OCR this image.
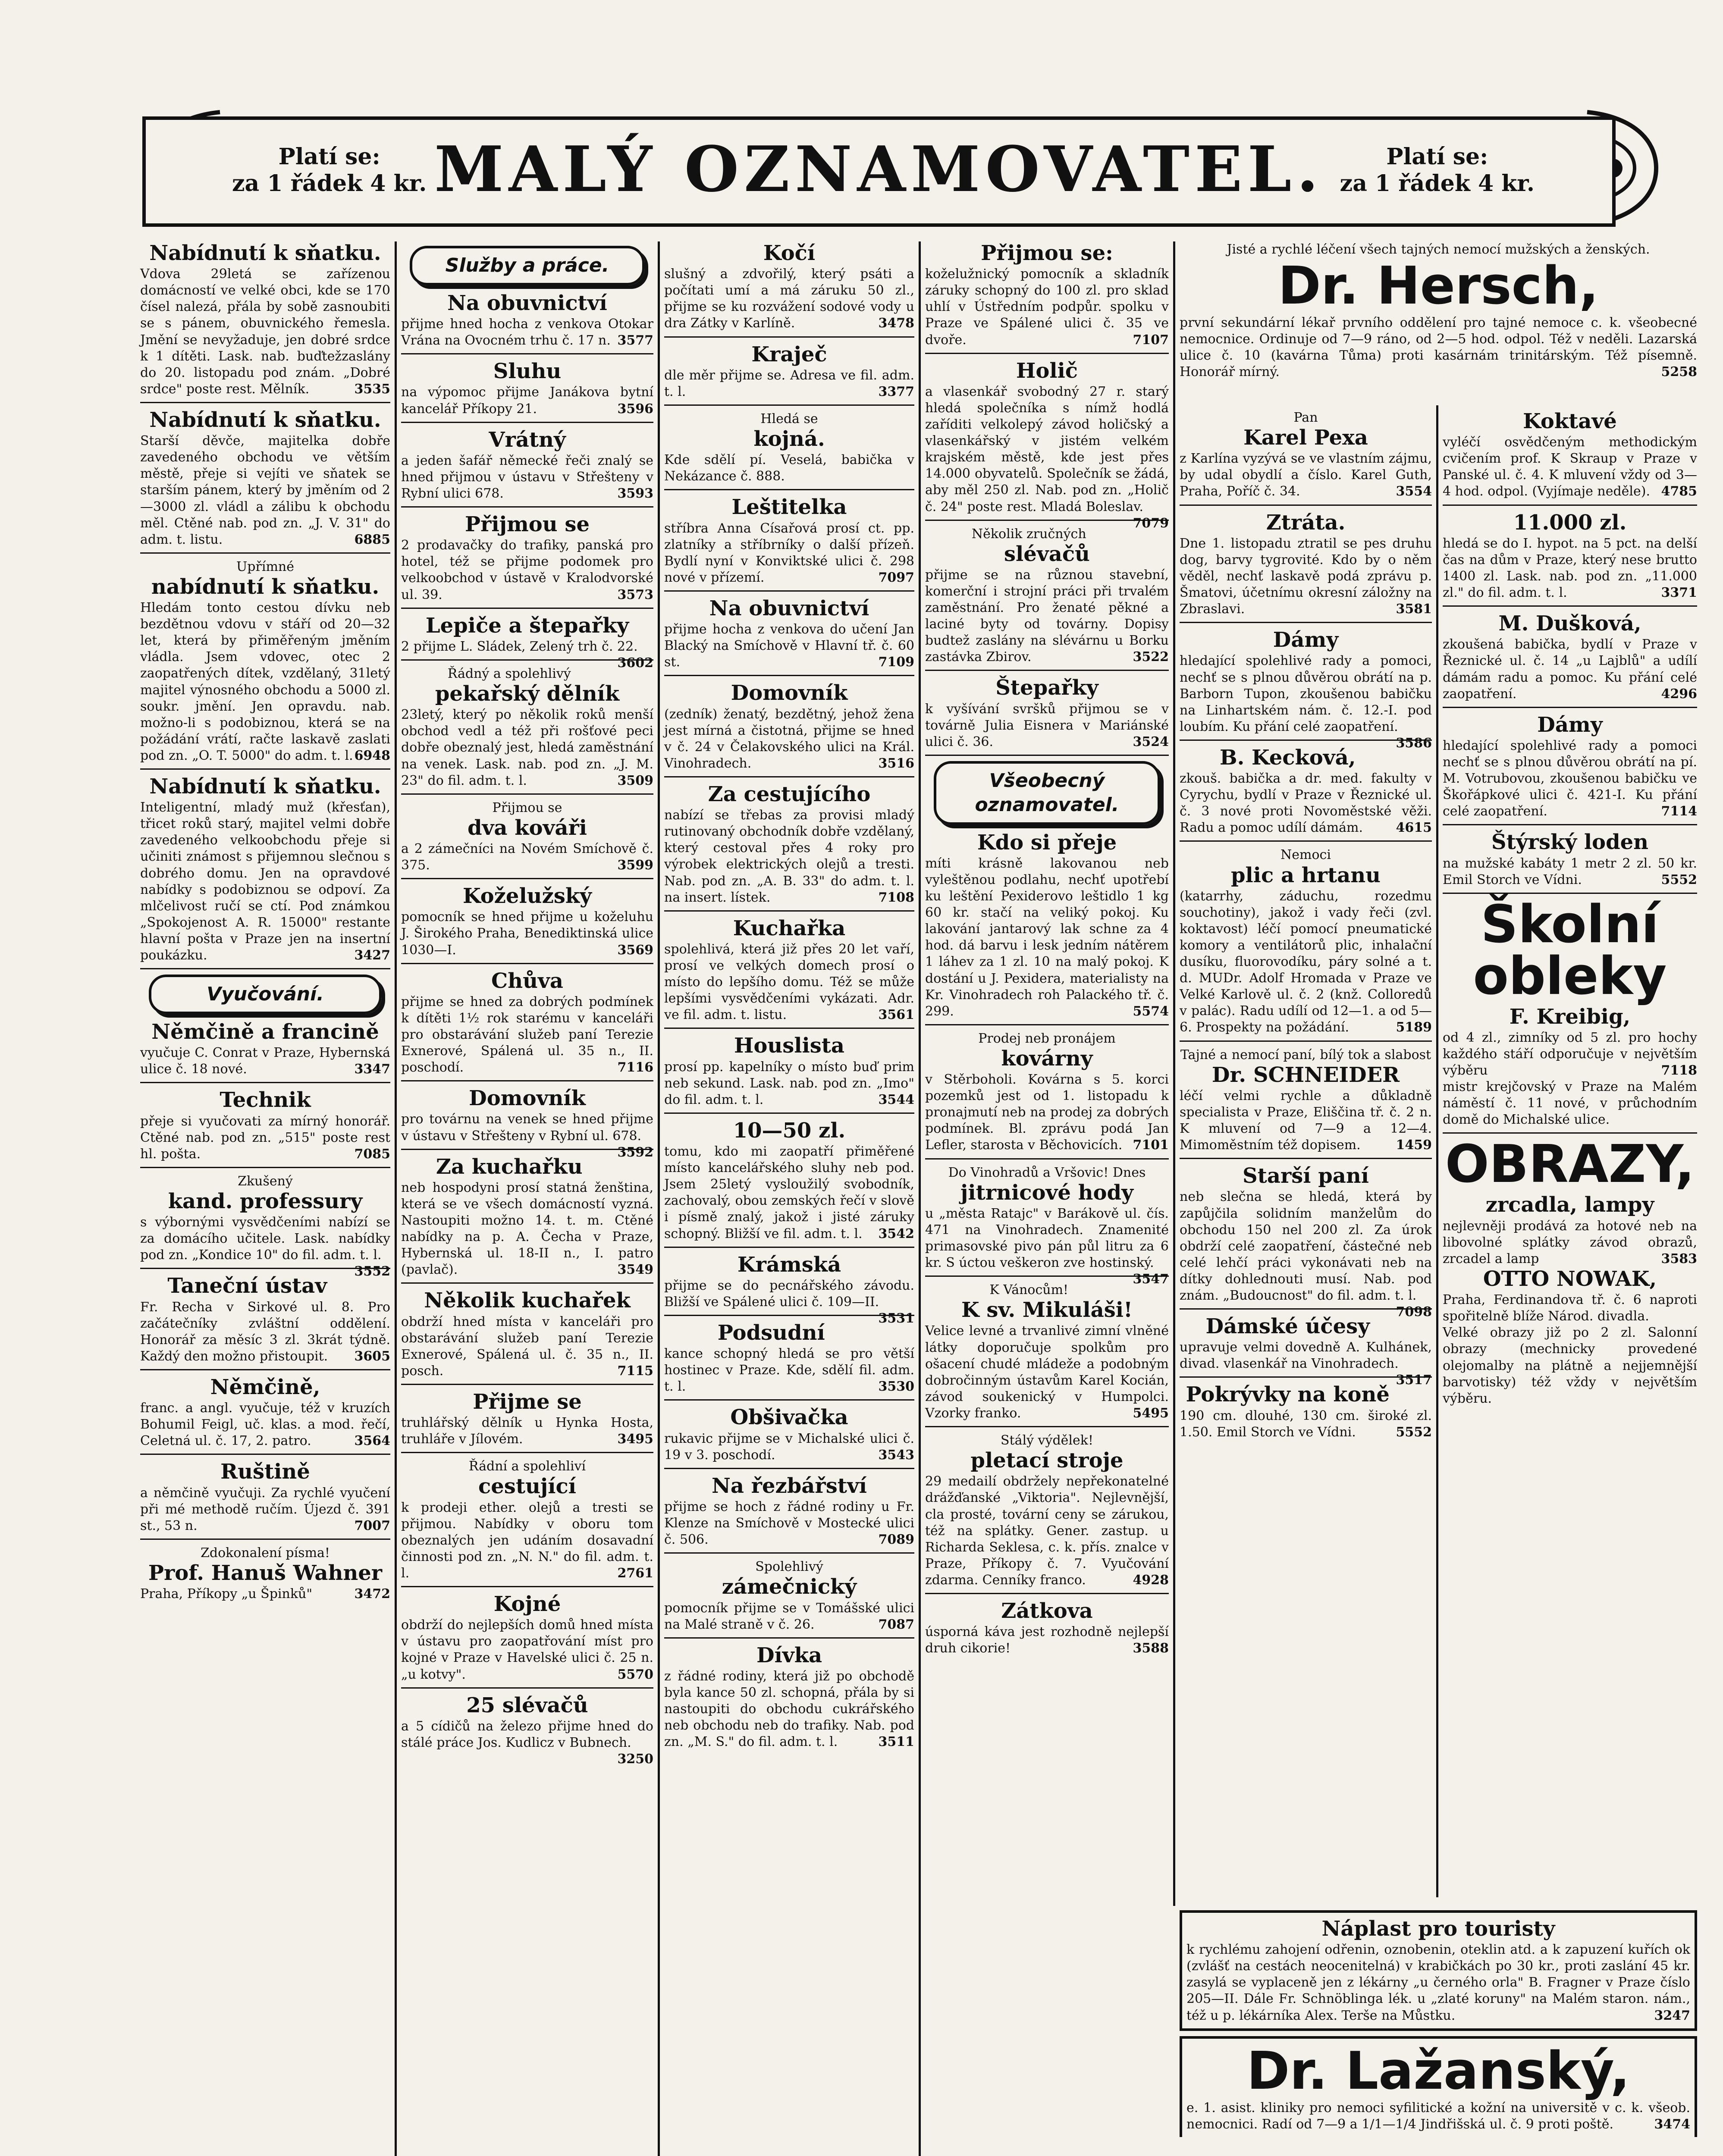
Platí se:
za 1 řádek 4 kr. MALÝ OZNAMOVATEL.	Platí se:
za 1 řádek 4 kr.

Nabídnutí k sňatku.

Vdova 29letá se zařízenou domácností ve velké obci, kde se 170 čísel nalezá, přála by sobě zasnoubiti se s pánem, obuvnického řemesla. Jmění se nevyžaduje, jen dobré srdce k 1 dítěti. Lask. nab. buďtežzaslány do 20. listopadu pod znám. „Dobré srdce" poste rest. Mělník.	3535

Nabídnutí k sňatku.

Starší děvče, majitelka dobře zavedeného obchodu ve větším městě, přeje si vejíti ve sňatek se starším pánem, který by jměním od 2—3000 zl. vládl a zálibu k obchodu měl. Ctěné nab. pod zn. „J. V. 31" do adm. t. listu.	6885

Upřímné

nabídnutí k sňatku.

Hledám tonto cestou dívku neb bezdětnou vdovu v stáří od 20—32 let, která by přiměřeným jměním vládla. Jsem vdovec, otec 2 zaopatřených dítek, vzdělaný, 31letý majitel výnosného obchodu a 5000 zl. soukr. jmění. Jen opravdu. nab. možno-li s podobiznou, která se na požádání vrátí, račte laskavě zaslati pod zn. „O. T. 5000" do adm. t. l. 6948

Nabídnutí k sňatku.

Inteligentní, mladý muž (křesťan), třicet roků starý, majitel velmi dobře zavedeného velkoobchodu přeje si učiniti známost s přijemnou slečnou s dobrého domu. Jen na opravdové nabídky s podobiznou se odpoví. Za mlčelivost ručí se ctí. Pod známkou „Spokojenost A. R. 15000" restante hlavní pošta v Praze jen na insertní poukázku.	3427

Vyučování.

Němčině a francině

vyučuje C. Conrat v Praze, Hybernská ulice č. 18 nové.	3347

Technik

přeje si vyučovati za mírný honorář. Ctěné nab. pod zn. „515" poste rest hl. pošta.	7085

Zkušený

kand. professury

s výbornými vysvědčeními nabízí se za domácího učitele. Lask. nabídky pod zn. „Kondice 10" do fil. adm. t. l.
3552

Taneční ústav

Fr. Recha v Sirkové ul. 8. Pro začátečníky zvláštní oddělení. Honorář za měsíc 3 zl. 3krát týdně. Každý den možno přistoupit. 3605

Němčině,

franc. a angl. vyučuje, též v kruzích Bohumil Feigl, uč. klas. a mod. řečí, Celetná ul. č. 17, 2. patro.	3564

Ruštině

a němčině vyučuji. Za rychlé vyučení při mé methodě ručím. Újezd č. 391 st., 53 n.	7007

Zdokonalení písma!

Prof. Hanuš Wahner

Praha, Příkopy „u Špinků"	3472

Služby a práce.

Na obuvnictví

přijme hned hocha z venkova Otokar Vrána na Ovocném trhu č. 17 n. 3577

Sluhu

na výpomoc přijme Janákova bytní kancelář Příkopy 21.	3596

Vrátný

a jeden šafář německé řeči znalý se hned přijmou v ústavu v Střešteny v Rybní ulici 678.	3593

Přijmou se

2 prodavačky do trafiky, panská pro hotel, též se přijme podomek pro velkoobchod v ústavě v Kralodvorské ul. 39.	3573

Lepiče a štepařky

2 přijme L. Sládek, Zelený trh č. 22.
3602

Řádný a spolehlivý

pekařský dělník

23letý, který po několik roků menší obchod vedl a též při rošťové peci dobře obeznalý jest, hledá zaměstnání na venek. Lask. nab. pod zn. „J. M. 23" do fil. adm. t. l.	3509

Přijmou se

dva kováři

a 2 zámečníci na Novém Smíchově č. 375.	3599

Koželužský

pomocník se hned přijme u koželuhu J. Širokého Praha, Benediktinská ulice 1030—I.	3569

Chůva

přijme se hned za dobrých podmínek k dítěti 1½ rok starému v kanceláři pro obstarávání služeb paní Terezie Exnerové, Spálená ul. 35 n., II. poschodí.	7116

Domovník

pro továrnu na venek se hned přijme v ústavu v Střešteny v Rybní ul. 678.
3592

Za kuchařku

neb hospodyni prosí statná ženština, která se ve všech domácností vyzná. Nastoupiti možno 14. t. m. Ctěné nabídky na p. A. Čecha v Praze, Hybernská ul. 18-II n., I. patro (pavlač).	3549

Několik kuchařek

obdrží hned místa v kanceláři pro obstarávání služeb paní Terezie Exnerové, Spálená ul. č. 35 n., II. posch.	7115

Přijme se

truhlářský dělník u Hynka Hosta, truhláře v Jílovém.	3495

Řádní a spolehliví

cestující

k prodeji ether. olejů a tresti se přijmou. Nabídky v oboru tom obeznalých jen udáním dosavadní činnosti pod zn. „N. N." do fil. adm. t. l.	2761

Kojné

obdrží do nejlepších domů hned místa v ústavu pro zaopatřování míst pro kojné v Praze v Havelské ulici č. 25 n. „u kotvy".	5570

25 slévačů

a 5 cídičů na železo přijme hned do stálé práce Jos. Kudlicz v Bubnech.
3250

Kočí

slušný a zdvořilý, který psáti a počítati umí a má záruku 50 zl., přijme se ku rozvážení sodové vody u dra Zátky v Karlíně.	3478

Kraječ

dle měr přijme se. Adresa ve fil. adm. t. l.	3377

Hledá se

kojná.

Kde sdělí pí. Veselá, babička v Nekázance č. 888.

Leštitelka

stříbra Anna Císařová prosí ct. pp. zlatníky a stříbrníky o další přízeň. Bydlí nyní v Konviktské ulici č. 298 nové v přízemí.	7097

Na obuvnictví

přijme hocha z venkova do učení Jan Blacký na Smíchově v Hlavní tř. č. 60 st.	7109

Domovník

(zedník) ženatý, bezdětný, jehož žena jest mírná a čistotná, přijme se hned v č. 24 v Čelakovského ulici na Král. Vinohradech.	3516

Za cestujícího

nabízí se třebas za provisi mladý rutinovaný obchodník dobře vzdělaný, který cestoval přes 4 roky pro výrobek elektrických olejů a tresti. Nab. pod zn. „A. B. 33" do adm. t. l. na insert. lístek.	7108

Kuchařka

spolehlivá, která již přes 20 let vaří, prosí ve velkých domech prosí o místo do lepšího domu. Též se může lepšími vysvědčeními vykázati. Adr. ve fil. adm. t. listu.	3561

Houslista

prosí pp. kapelníky o místo buď prim neb sekund. Lask. nab. pod zn. „Imo" do fil. adm. t. l.	3544

10—50 zl.

tomu, kdo mi zaopatří přiměřené místo kancelářského sluhy neb pod. Jsem 25letý vysloužilý svobodník, zachovalý, obou zemských řečí v slově i písmě znalý, jakož i jisté záruky schopný. Bližší ve fil. adm. t. l. 3542

Krámská

přijme se do pecnářského závodu. Bližší ve Spálené ulici č. 109—II.
3531

Podsudní

kance schopný hledá se pro větší hostinec v Praze. Kde, sdělí fil. adm. t. l.	3530

Obšivačka

rukavic přijme se v Michalské ulici č. 19 v 3. poschodí.	3543

Na řezbářství

přijme se hoch z řádné rodiny u Fr. Klenze na Smíchově v Mostecké ulici č. 506.	7089

Spolehlivý

zámečnický

pomocník přijme se v Tomášské ulici na Malé straně v č. 26.	7087

Dívka

z řádné rodiny, která již po obchodě byla kance 50 zl. schopná, přála by si nastoupiti do obchodu cukrářského neb obchodu neb do trafiky. Nab. pod zn. „M. S." do fil. adm. t. l.	3511

Přijmou se:

koželužnický pomocník a skladník záruky schopný do 100 zl. pro sklad uhlí v Ústředním podpůr. spolku v Praze ve Spálené ulici č. 35 ve dvoře.	7107

Holič

a vlasenkář svobodný 27 r. starý hledá společníka s nímž hodlá zaříditi velkolepý závod holičský a vlasenkářský v jistém velkém krajském městě, kde jest přes 14.000 obyvatelů. Společník se žádá, aby měl 250 zl. Nab. pod zn. „Holič č. 24" poste rest. Mladá Boleslav.
7079

Několik zručných

slévačů

přijme se na různou stavební, komerční i strojní práci při trvalém zaměstnání. Pro ženaté pěkné a laciné byty od továrny. Dopisy budtež zaslány na slévárnu u Borku zastávka Zbirov.	3522

Štepařky

k vyšívání svršků přijmou se v továrně Julia Eisnera v Mariánské ulici č. 36.	3524

Všeobecný oznamovatel.

Kdo si přeje

míti krásně lakovanou neb vyleštěnou podlahu, nechť upotřebí ku leštění Pexiderovo leštidlo 1 kg 60 kr. stačí na veliký pokoj. Ku lakování jantarový lak schne za 4 hod. dá barvu i lesk jedním nátěrem 1 láhev za 1 zl. 10 na malý pokoj. K dostání u J. Pexidera, materialisty na Kr. Vinohradech roh Palackého tř. č. 299.	5574

Prodej neb pronájem

kovárny

v Stěrboholi. Kovárna s 5. korci pozemků jest od 1. listopadu k pronajmutí neb na prodej za dobrých podmínek. Bl. zprávu podá Jan Lefler, starosta v Běchovicích. 7101

Do Vinohradů a Vršovic! Dnes

jitrnicové hody

u „města Ratajc" v Barákově ul. čís. 471 na Vinohradech. Znamenité primasovské pivo pán půl litru za 6 kr. S úctou veškeron zve hostinský.
3547

K Vánocům!

K sv. Mikuláši!

Velice levné a trvanlivé zimní vlněné látky doporučuje spolkům pro ošacení chudé mládeže a podobným dobročinným ústavům Karel Kocián, závod soukenický v Humpolci. Vzorky franko.	5495

Stálý výdělek!

pletací stroje

29 medailí obdržely nepřekonatelné drážďanské „Viktoria". Nejlevnější, cla prosté, tovární ceny se zárukou, též na splátky. Gener. zastup. u Richarda Seklesa, c. k. přís. znalce v Praze, Příkopy č. 7. Vyučování zdarma. Cenníky franco.	4928

Zátkova

úsporná káva jest rozhodně nejlepší druh cikorie!	3588

Jisté a rychlé léčení všech tajných nemocí mužských a ženských.

Dr. Hersch,

první sekundární lékař prvního oddělení pro tajné nemoce c. k. všeobecné nemocnice. Ordinuje od 7—9 ráno, od 2—5 hod. odpol. Též v neděli. Lazarská ulice č. 10 (kavárna Tůma) proti kasárnám trinitárským. Též písemně. Honorář mírný.	5258

Pan

Karel Pexa

z Karlína vyzývá se ve vlastním zájmu, by udal obydlí a číslo. Karel Guth, Praha, Poříč č. 34.	3554

Ztráta.

Dne 1. listopadu ztratil se pes druhu dog, barvy tygrovité. Kdo by o něm věděl, nechť laskavě podá zprávu p. Šmatovi, účetnímu okresní záložny na Zbraslavi.	3581

Dámy

hledající spolehlivé rady a pomoci, nechť se s plnou důvěrou obrátí na p. Barborn Tupon, zkoušenou babičku na Linhartském nám. č. 12.-I. pod loubím. Ku přání celé zaopatření.
3586

B. Kecková,

zkouš. babička a dr. med. fakulty v Cyrychu, bydlí v Praze v Řeznické ul. č. 3 nové proti Novoměstské věži. Radu a pomoc udílí dámám.	4615

Nemoci

plic a hrtanu

(katarrhy, záduchu, rozedmu souchotiny), jakož i vady řeči (zvl. koktavost) léčí pomocí pneumatické komory a ventilátorů plic, inhalační dusíku, fluorovodíku, páry solné a t. d. MUDr. Adolf Hromada v Praze ve Velké Karlově ul. č. 2 (knž. Colloredů v palác). Radu udílí od 12—1. a od 5—6. Prospekty na požádání.	5189

Tajné a nemocí paní, bílý tok a slabost

Dr. SCHNEIDER

léčí velmi rychle a důkladně specialista v Praze, Eliščina tř. č. 2 n. K mluvení od 7—9 a 12—4. Mimoměstním též dopisem.	1459

Starší paní

neb slečna se hledá, která by zapůjčila solidním manželům do obchodu 150 nel 200 zl. Za úrok obdrží celé zaopatření, částečné neb celé lehčí práci vykonávati neb na dítky dohlednouti musí. Nab. pod znám. „Budoucnost" do fil. adm. t. l.
7098

Dámské účesy

upravuje velmi dovedně A. Kulhánek, divad. vlasenkář na Vinohradech.
3517

Pokrývky na koně

190 cm. dlouhé, 130 cm. široké zl. 1.50. Emil Storch ve Vídni.	5552

Koktavé

vyléčí osvědčeným methodickým cvičením prof. K Skraup v Praze v Panské ul. č. 4. K mluvení vždy od 3—4 hod. odpol. (Vyjímaje neděle). 4785

11.000 zl.

hledá se do I. hypot. na 5 pct. na delší čas na dům v Praze, který nese brutto 1400 zl. Lask. nab. pod zn. „11.000 zl." do fil. adm. t. l.	3371

M. Dušková,

zkoušená babička, bydlí v Praze v Řeznické ul. č. 14 „u Lajblů" a udílí dámám radu a pomoc. Ku přání celé zaopatření.	4296

Dámy

hledající spolehlivé rady a pomoci nechť se s plnou důvěrou obrátí na pí. M. Votrubovou, zkoušenou babičku ve Škořápkové ulici č. 421-I. Ku přání celé zaopatření.	7114

Štýrský loden

na mužské kabáty 1 metr 2 zl. 50 kr. Emil Storch ve Vídni.	5552

Školní obleky

F. Kreibig,

od 4 zl., zimníky od 5 zl. pro hochy každého stáří odporučuje v největším výběru	7118

mistr krejčovský v Praze na Malém náměstí č. 11 nové, v průchodním domě do Michalské ulice.

OBRAZY,

zrcadla, lampy

nejlevněji prodává za hotové neb na libovolné splátky závod obrazů, zrcadel a lamp	3583

OTTO NOWAK,

Praha, Ferdinandova tř. č. 6 naproti spořitelně blíže Národ. divadla.

Velké obrazy již po 2 zl. Salonní obrazy (mechnicky provedené olejomalby na plátně a nejjemnější barvotisky) též vždy v největším výběru.

Náplast pro touristy

k rychlému zahojení odřenin, oznobenin, oteklin atd. a k zapuzení kuřích ok (zvlášť na cestách neocenitelná) v krabičkách po 30 kr., proti zaslání 45 kr. zasylá se vyplaceně jen z lékárny „u černého orla" B. Fragner v Praze číslo 205—II. Dále Fr. Schnöblinga lék. u „zlaté koruny" na Malém staron. nám., též u p. lékárníka Alex. Terše na Můstku.	3247

Dr. Lažanský,

e. 1. asist. kliniky pro nemoci syfilitické a kožní na universitě v c. k. všeob. nemocnici. Radí od 7—9 a 1/1—1/4 Jindřišská ul. č. 9 proti poště.	3474
